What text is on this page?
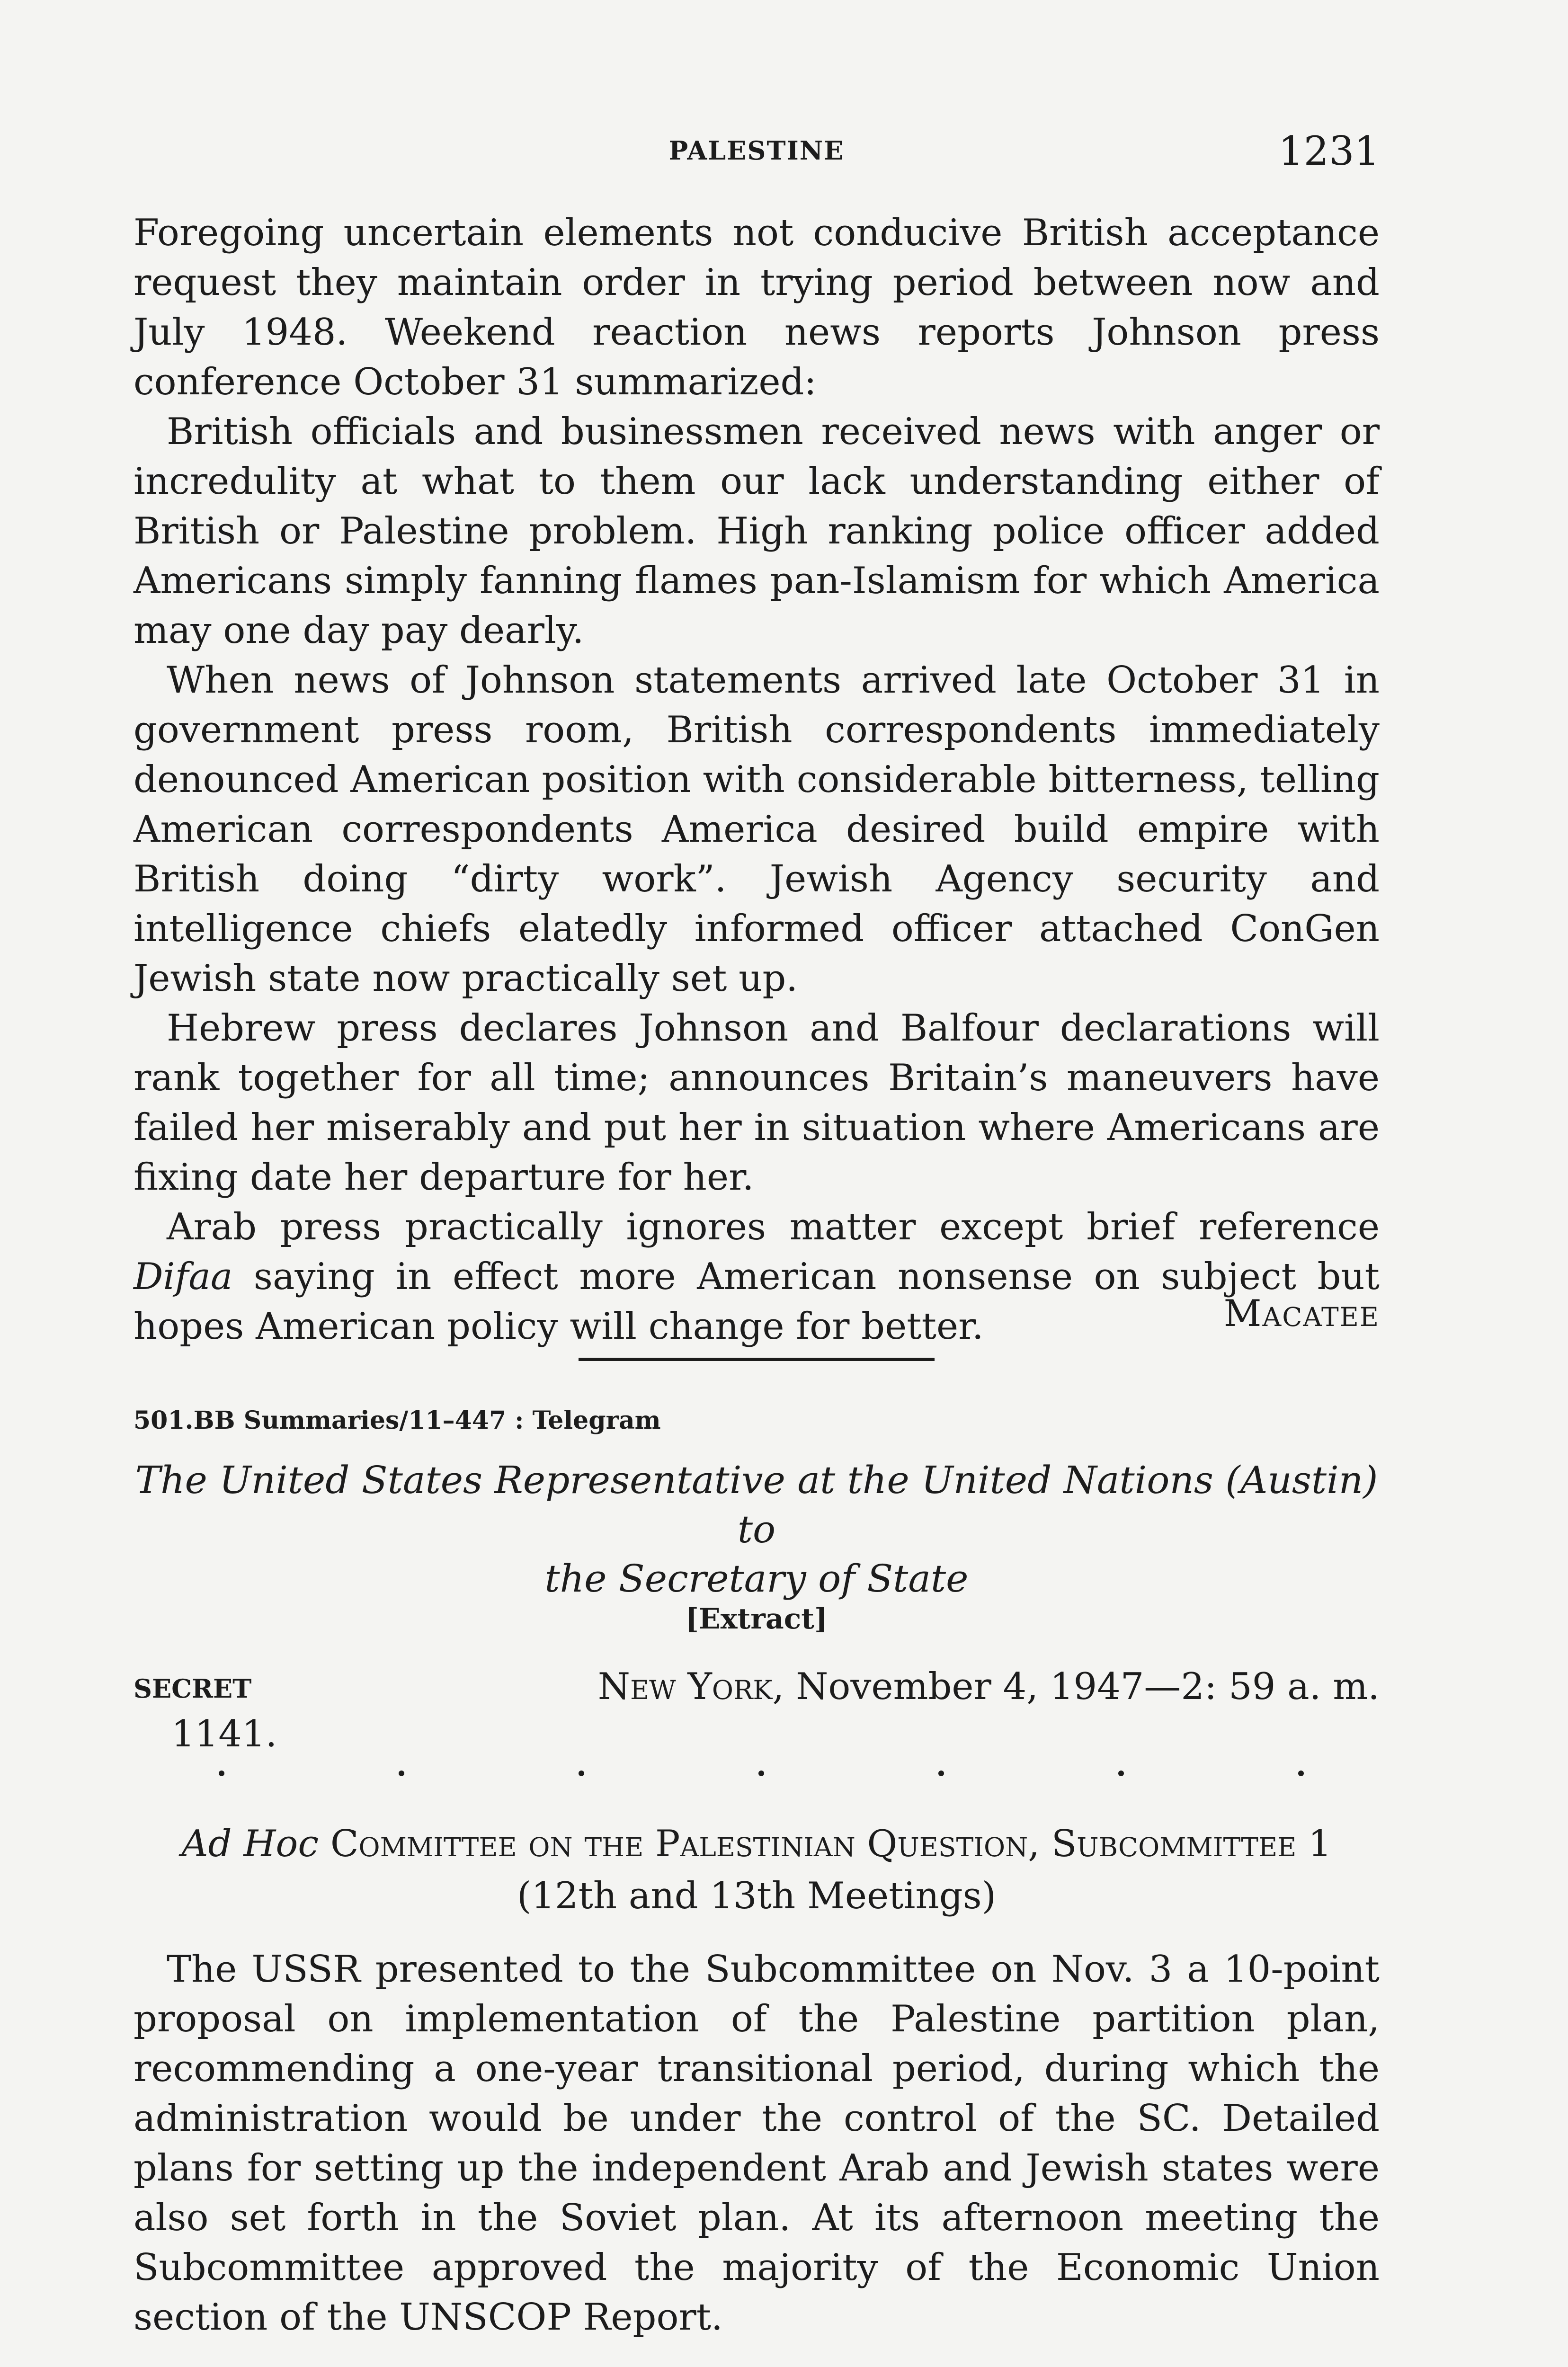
PALESTINE	1231

Foregoing uncertain elements not conducive British acceptance request they maintain order in trying period between now and July 1948. Weekend reaction news reports Johnson press conference October 31 summarized:

British officials and businessmen received news with anger or incredulity at what to them our lack understanding either of British or Palestine problem. High ranking police officer added Americans simply fanning flames pan-Islamism for which America may one day pay dearly.

When news of Johnson statements arrived late October 31 in government press room, British correspondents immediately denounced American position with considerable bitterness, telling American correspondents America desired build empire with British doing “dirty work”. Jewish Agency security and intelligence chiefs elatedly informed officer attached ConGen Jewish state now practically set up.

Hebrew press declares Johnson and Balfour declarations will rank together for all time; announces Britain’s maneuvers have failed her miserably and put her in situation where Americans are fixing date her departure for her.

Arab press practically ignores matter except brief reference Difaa saying in effect more American nonsense on subject but hopes American policy will change for better.	Macatee
501.BB Summaries/11–447 : Telegram
The United States Representative at the United Nations (Austin) to
the Secretary of State
[Extract]
SECRET
1141.
New York, November 4, 1947—2: 59 a. m.
Ad Hoc Committee on the Palestinian Question, Subcommittee 1
(12th and 13th Meetings)

The USSR presented to the Subcommittee on Nov. 3 a 10-point proposal on implementation of the Palestine partition plan, recommending a one-year transitional period, during which the administration would be under the control of the SC. Detailed plans for setting up the independent Arab and Jewish states were also set forth in the Soviet plan. At its afternoon meeting the Subcommittee approved the majority of the Economic Union section of the UNSCOP Report.
